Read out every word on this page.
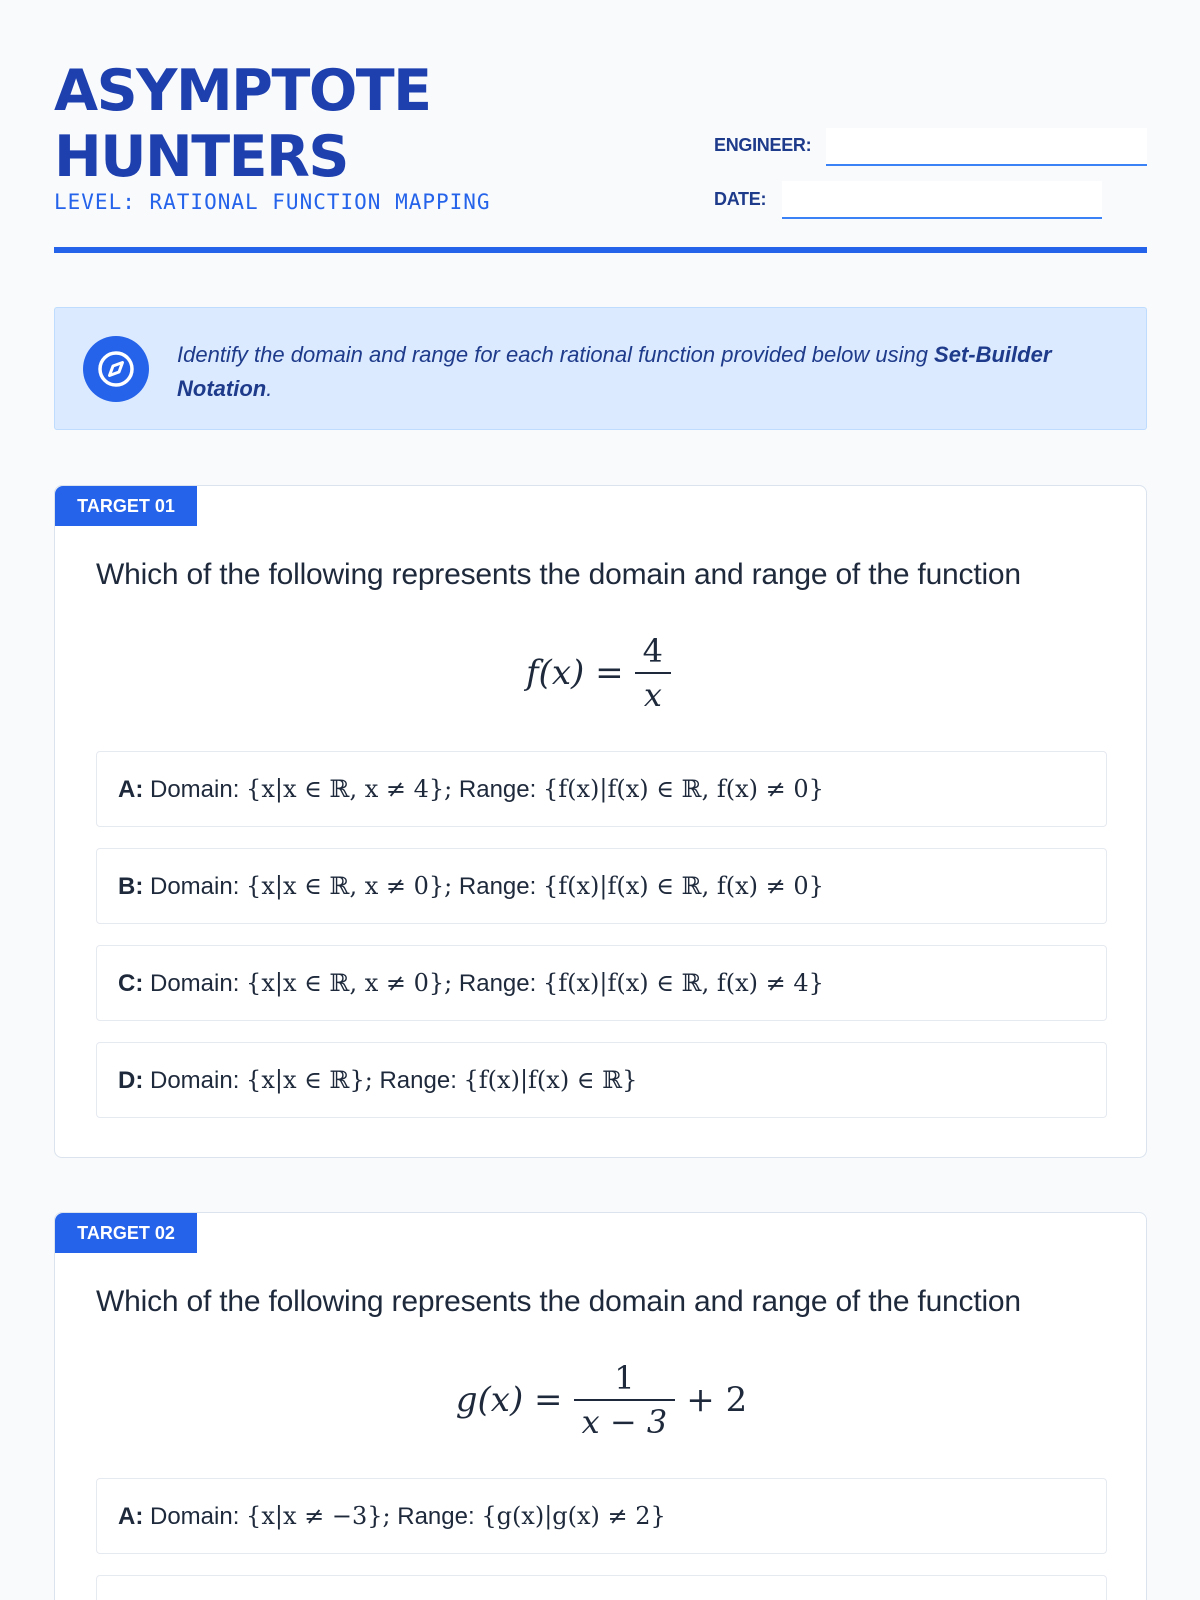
ASYMPTOTE
HUNTERS
LEVEL: RATIONAL FUNCTION MAPPING
ENGINEER:
DATE:
Identify the domain and range for each rational function provided below using Set-Builder Notation.
TARGET 01
Which of the following represents the domain and range of the function
$f(x) = \frac{4}{x}$
A: Domain: {x|x ∈ ℝ, x ≠ 4}; Range: {f(x)|f(x) ∈ ℝ, f(x) ≠ 0}
B: Domain: {x|x ∈ ℝ, x ≠ 0}; Range: {f(x)|f(x) ∈ ℝ, f(x) ≠ 0}
C: Domain: {x|x ∈ ℝ, x ≠ 0}; Range: {f(x)|f(x) ∈ ℝ, f(x) ≠ 4}
D: Domain: {x|x ∈ ℝ}; Range: {f(x)|f(x) ∈ ℝ}
TARGET 02
Which of the following represents the domain and range of the function
$g(x) = \frac{1}{x - 3} + 2$
A: Domain: {x|x ≠ −3}; Range: {g(x)|g(x) ≠ 2}
